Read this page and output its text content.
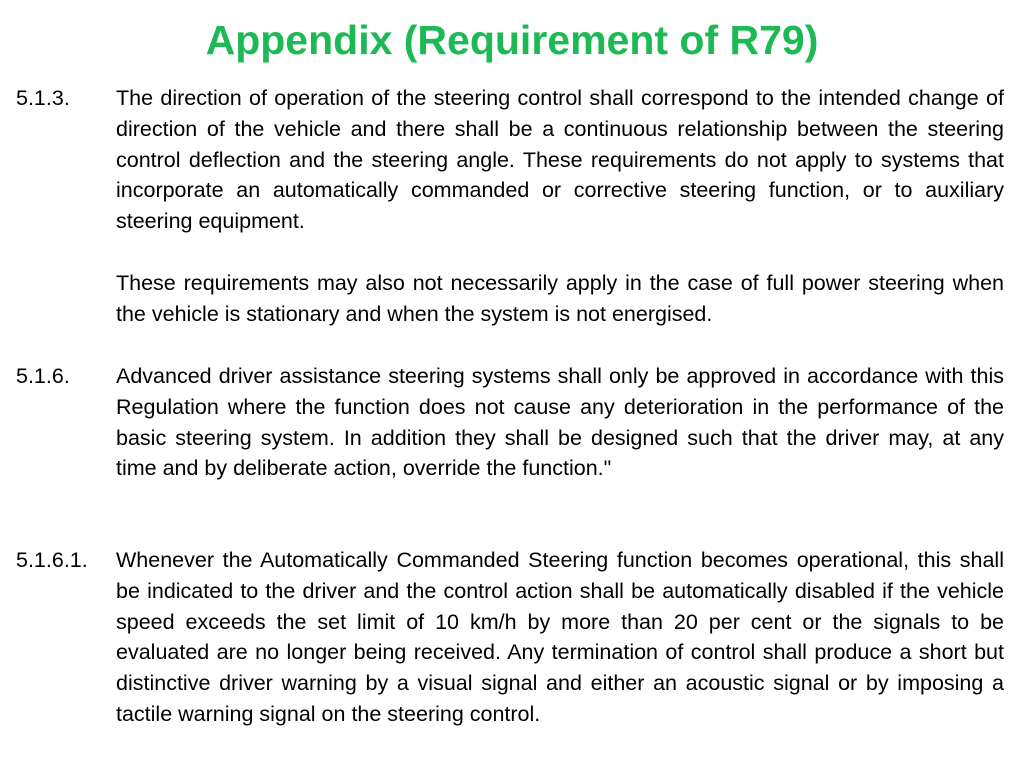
Appendix (Requirement of R79)
5.1.3. The direction of operation of the steering control shall correspond to the intended change of direction of the vehicle and there shall be a continuous relationship between the steering control deflection and the steering angle. These requirements do not apply to systems that incorporate an automatically commanded or corrective steering function, or to auxiliary steering equipment.

These requirements may also not necessarily apply in the case of full power steering when the vehicle is stationary and when the system is not energised.

5.1.6. Advanced driver assistance steering systems shall only be approved in accordance with this Regulation where the function does not cause any deterioration in the performance of the basic steering system. In addition they shall be designed such that the driver may, at any time and by deliberate action, override the function."

5.1.6.1. Whenever the Automatically Commanded Steering function becomes operational, this shall be indicated to the driver and the control action shall be automatically disabled if the vehicle speed exceeds the set limit of 10 km/h by more than 20 per cent or the signals to be evaluated are no longer being received. Any termination of control shall produce a short but distinctive driver warning by a visual signal and either an acoustic signal or by imposing a tactile warning signal on the steering control.
